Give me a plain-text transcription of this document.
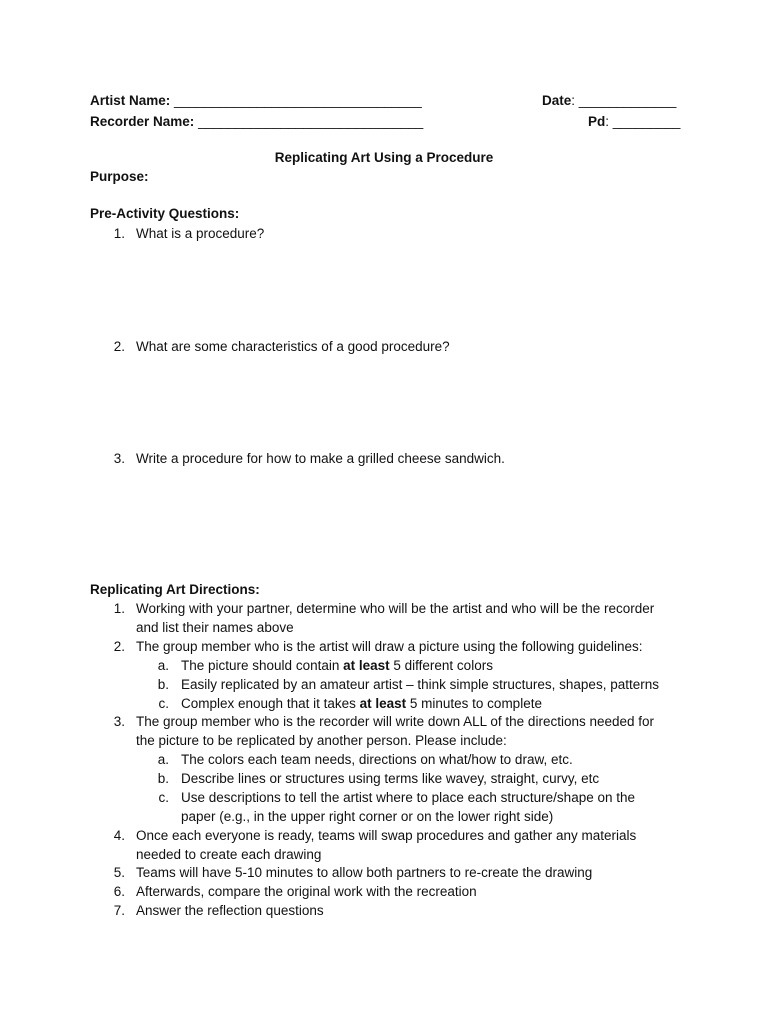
Artist Name: _________________________________	Date: _____________
Recorder Name: ______________________________	Pd: _________
Replicating Art Using a Procedure
Purpose:
Pre-Activity Questions:
1. What is a procedure?
2. What are some characteristics of a good procedure?
3. Write a procedure for how to make a grilled cheese sandwich.
Replicating Art Directions:
1. Working with your partner, determine who will be the artist and who will be the recorder
and list their names above
2. The group member who is the artist will draw a picture using the following guidelines:
a. The picture should contain at least 5 different colors
b. Easily replicated by an amateur artist – think simple structures, shapes, patterns
c. Complex enough that it takes at least 5 minutes to complete
3. The group member who is the recorder will write down ALL of the directions needed for
the picture to be replicated by another person. Please include:
a. The colors each team needs, directions on what/how to draw, etc.
b. Describe lines or structures using terms like wavey, straight, curvy, etc
c. Use descriptions to tell the artist where to place each structure/shape on the
paper (e.g., in the upper right corner or on the lower right side)
4. Once each everyone is ready, teams will swap procedures and gather any materials
needed to create each drawing
5. Teams will have 5-10 minutes to allow both partners to re-create the drawing
6. Afterwards, compare the original work with the recreation
7. Answer the reflection questions
